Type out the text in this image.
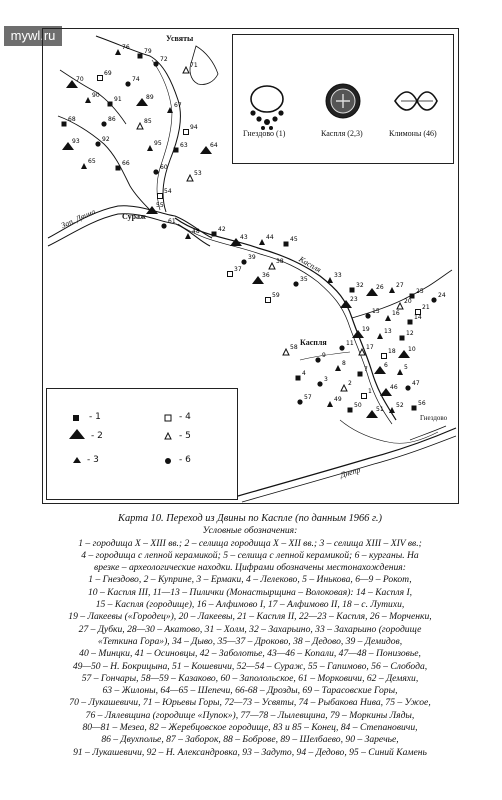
mywl.ru
76
79
72
71
69
70	74
90
91	89
67
68	86	85
94
93	92
95	63	64
65	66
60
53
54
55
61
48	42
43	44	45
39
38
37
36
35
33
32 26 27
25
24
20
21
23
15 16
14
19 13 12
11
17
18 10
9
8
7
6	5
4
3
2
1
46
47
49
50
51
52 56
57
58
59
Усвяты
Зап. Двина	Сураж
Каспля
Каспля
Гнездово
Днепр
Гнездово (1)	Каспля (2,3)	Климоны (46)
- 1
- 2
- 3
- 4
- 5
- 6
Карта 10. Переход из Двины по Каспле (по данным 1966 г.)
Условные обозначения:
1 – городища X – XIII вв.; 2 – селища городища X – XII вв.; 3 – селища XIII – XIV вв.;
4 – городища с лепной керамикой; 5 – селища с лепной керамикой; 6 – курганы. На
врезке – археологические находки. Цифрами обозначены местонахождения:
1 – Гнездово, 2 – Куприне, 3 – Ермаки, 4 – Лелеково, 5 – Инькова, 6—9 – Рокот,
10 – Каспля III, 11—13 – Пилички (Монастырщина – Волоковая): 14 – Каспля I,
15 – Каспля (городище), 16 – Алфимово I, 17 – Алфимово II, 18 – с. Лутихи,
19 – Лакеевы («Городец»), 20 – Лакеевы, 21 – Каспля II, 22—23 – Каспля, 26 – Морченки,
27 – Дубки, 28—30 – Акатово, 31 – Холм, 32 – Захарьино, 33 – Захарьино (городище
«Теткина Гора»), 34 – Дыво, 35—37 – Дроково, 38 – Дедово, 39 – Демидов,
40 – Минцки, 41 – Осиновцы, 42 – Заболотье, 43—46 – Копали, 47—48 – Понизовье,
49—50 – Н. Бокрицына, 51 – Кошевичи, 52—54 – Сураж, 55 – Гапимово, 56 – Слобода,
57 – Гончары, 58—59 – Казаково, 60 – Заполольское, 61 – Морковичи, 62 – Демяхи,
63 – Жилоны, 64—65 – Шепечи, 66-68 – Дрозды, 69 – Тарасовские Горы,
70 – Лукашевичи, 71 – Юрьевы Горы, 72—73 – Усвяты, 74 – Рыбакова Нива, 75 – Ужое,
76 – Лялевщина (городище «Пупок»), 77—78 – Лылевщина, 79 – Моркины Ляды,
80—81 – Мезеа, 82 – Жеребцовское городище, 83 и 85 – Конец, 84 – Степановичи,
86 – Двухполье, 87 – Заборок, 88 – Боброве, 89 – Шелбаево, 90 – Заречье,
91 – Лукашевичи, 92 – Н. Александровка, 93 – Задуто, 94 – Дедово, 95 – Синий Камень
